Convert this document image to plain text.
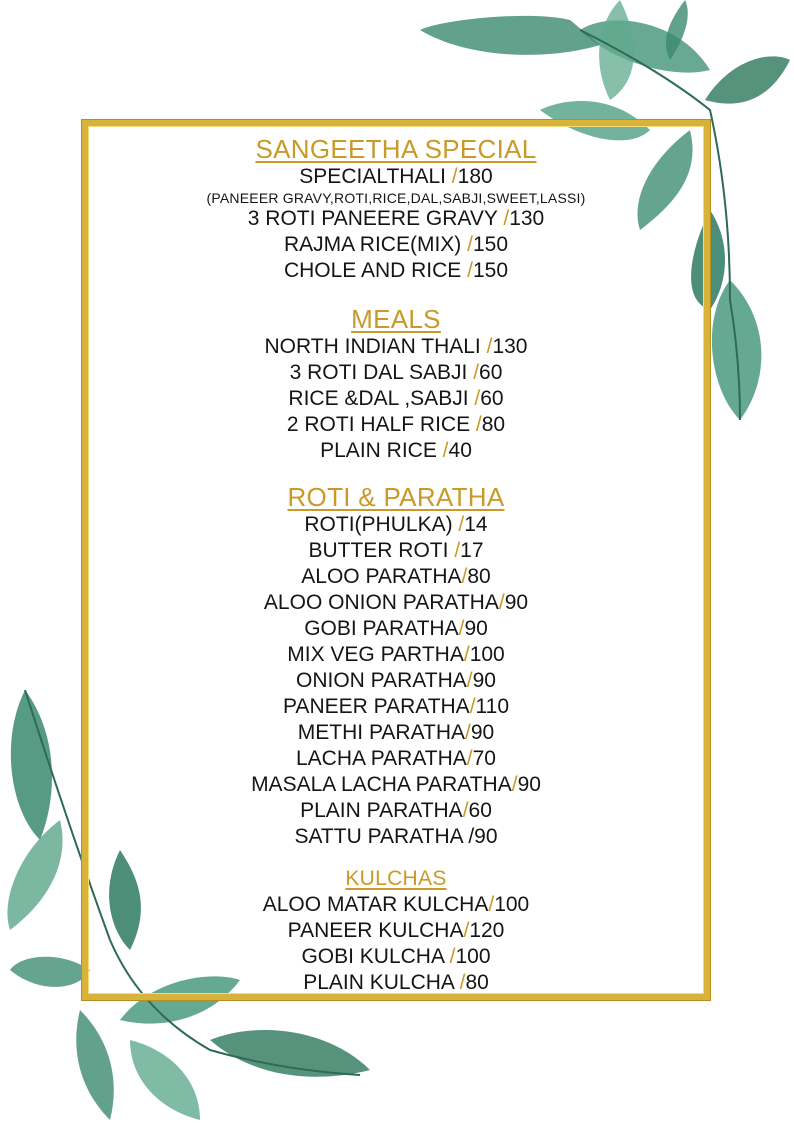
SANGEETHA SPECIAL

SPECIALTHALI /180

(PANEEER GRAVY,ROTI,RICE,DAL,SABJI,SWEET,LASSI)

3 ROTI PANEERE GRAVY /130

RAJMA RICE(MIX) /150

CHOLE AND RICE /150

MEALS

NORTH INDIAN THALI /130

3 ROTI DAL SABJI /60

RICE &DAL ,SABJI /60

2 ROTI HALF RICE /80

PLAIN RICE /40

ROTI & PARATHA

ROTI(PHULKA) /14

BUTTER ROTI /17

ALOO PARATHA/80

ALOO ONION PARATHA/90

GOBI PARATHA/90

MIX VEG PARTHA/100

ONION PARATHA/90

PANEER PARATHA/110

METHI PARATHA/90

LACHA PARATHA/70

MASALA LACHA PARATHA/90

PLAIN PARATHA/60

SATTU PARATHA /90

KULCHAS

ALOO MATAR KULCHA/100

PANEER KULCHA/120

GOBI KULCHA /100

PLAIN KULCHA /80
